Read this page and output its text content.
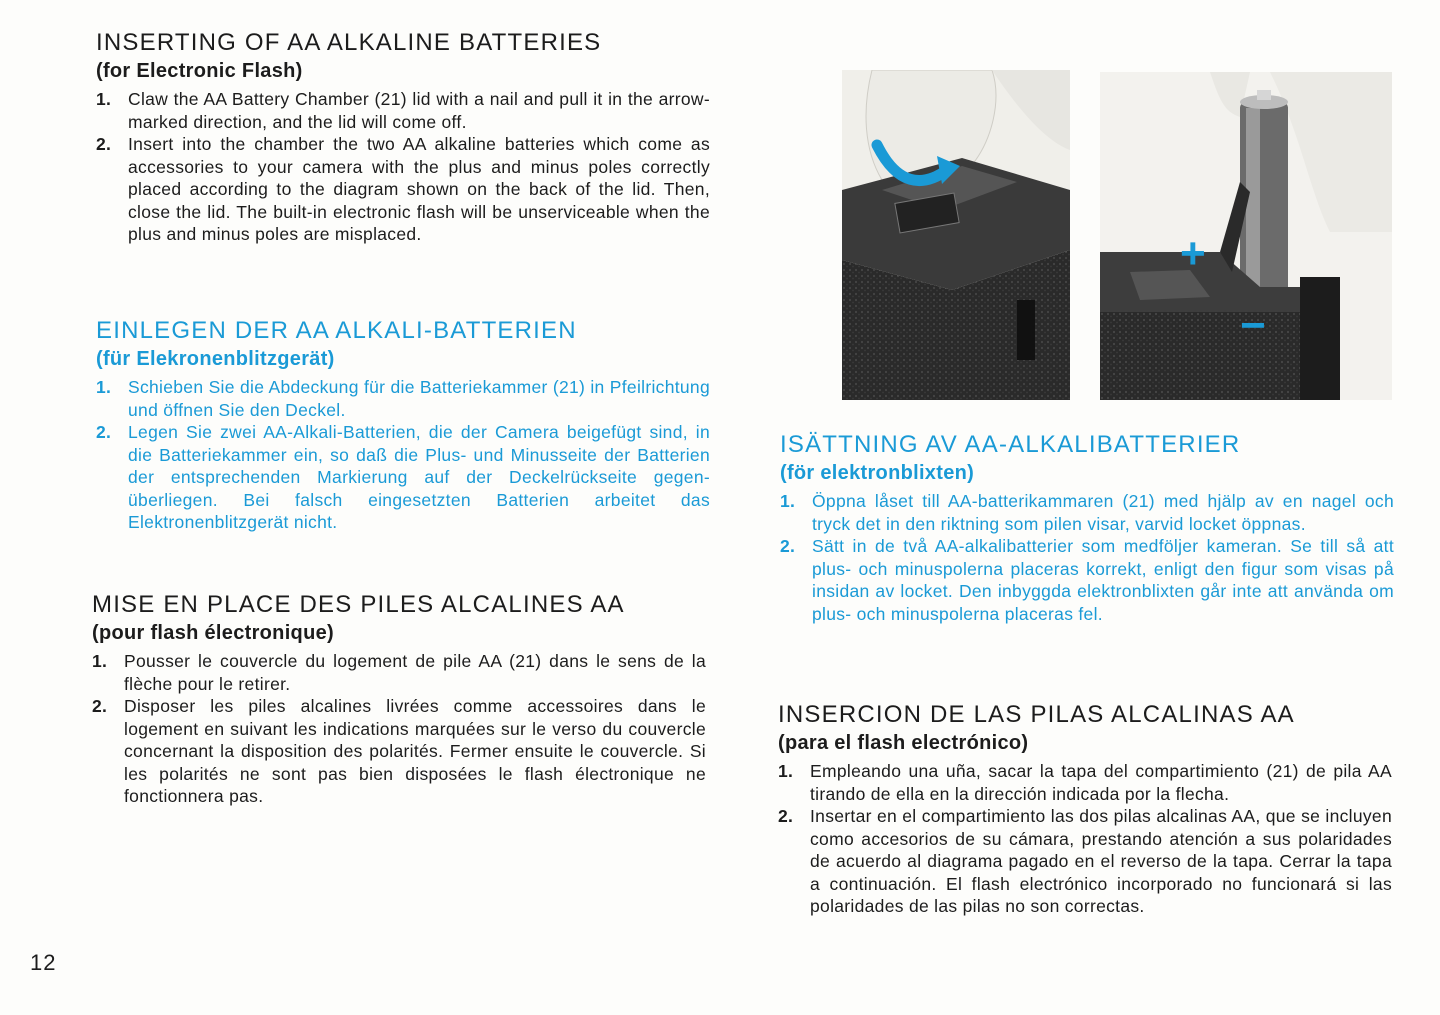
INSERTING OF AA ALKALINE BATTERIES
(for Electronic Flash)
1. Claw the AA Battery Chamber (21) lid with a nail and pull it in the arrow-marked direction, and the lid will come off.
2. Insert into the chamber the two AA alkaline batteries which come as accessories to your camera with the plus and minus poles correctly placed according to the diagram shown on the back of the lid. Then, close the lid. The built-in electronic flash will be unserviceable when the plus and minus poles are misplaced.
EINLEGEN DER AA ALKALI-BATTERIEN
(für Elekronenblitzgerät)
1. Schieben Sie die Abdeckung für die Batteriekammer (21) in Pfeilrichtung und öffnen Sie den Deckel.
2. Legen Sie zwei AA-Alkali-Batterien, die der Camera beigefügt sind, in die Batteriekammer ein, so daß die Plus- und Minusseite der Batterien der entsprechenden Markierung auf der Deckelrückseite gegen-überliegen. Bei falsch eingesetzten Batterien arbeitet das Elektronenblitzgerät nicht.
MISE EN PLACE DES PILES ALCALINES AA
(pour flash électronique)
1. Pousser le couvercle du logement de pile AA (21) dans le sens de la flèche pour le retirer.
2. Disposer les piles alcalines livrées comme accessoires dans le logement en suivant les indications marquées sur le verso du couvercle concernant la disposition des polarités. Fermer ensuite le couvercle. Si les polarités ne sont pas bien disposées le flash électronique ne fonctionnera pas.
12
+
−
ISÄTTNING AV AA-ALKALIBATTERIER
(för elektronblixten)
1. Öppna låset till AA-batterikammaren (21) med hjälp av en nagel och tryck det in den riktning som pilen visar, varvid locket öppnas.
2. Sätt in de två AA-alkalibatterier som medföljer kameran. Se till så att plus- och minuspolerna placeras korrekt, enligt den figur som visas på insidan av locket. Den inbyggda elektronblixten går inte att använda om plus- och minuspolerna placeras fel.
INSERCION DE LAS PILAS ALCALINAS AA
(para el flash electrónico)
1. Empleando una uña, sacar la tapa del compartimiento (21) de pila AA tirando de ella en la dirección indicada por la flecha.
2. Insertar en el compartimiento las dos pilas alcalinas AA, que se incluyen como accesorios de su cámara, prestando atención a sus polaridades de acuerdo al diagrama pagado en el reverso de la tapa. Cerrar la tapa a continuación. El flash electrónico incorporado no funcionará si las polaridades de las pilas no son correctas.
